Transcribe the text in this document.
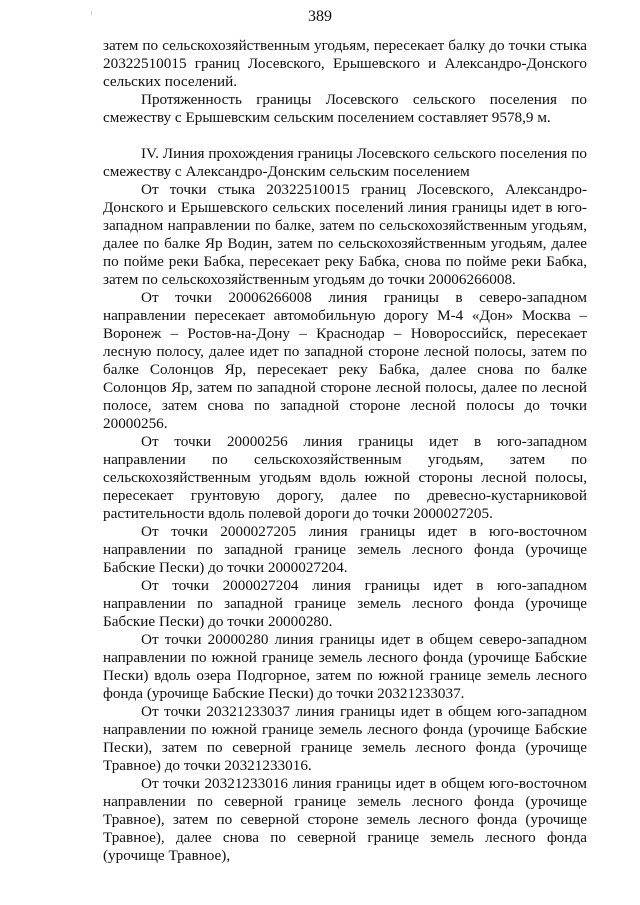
389

затем по сельскохозяйственным угодьям, пересекает балку до точки стыка 20322510015 границ Лосевского, Ерышевского и Александро-Донского сельских поселений.

Протяженность границы Лосевского сельского поселения по смежеству с Ерышевским сельским поселением составляет 9578,9 м.

IV. Линия прохождения границы Лосевского сельского поселения по смежеству с Александро-Донским сельским поселением

От точки стыка 20322510015 границ Лосевского, Александро-Донского и Ерышевского сельских поселений линия границы идет в юго-западном направлении по балке, затем по сельскохозяйственным угодьям, далее по балке Яр Водин, затем по сельскохозяйственным угодьям, далее по пойме реки Бабка, пересекает реку Бабка, снова по пойме реки Бабка, затем по сельскохозяйственным угодьям до точки 20006266008.

От точки 20006266008 линия границы в северо-западном направлении пересекает автомобильную дорогу М-4 «Дон» Москва – Воронеж – Ростов-на-Дону – Краснодар – Новороссийск, пересекает лесную полосу, далее идет по западной стороне лесной полосы, затем по балке Солонцов Яр, пересекает реку Бабка, далее снова по балке Солонцов Яр, затем по западной стороне лесной полосы, далее по лесной полосе, затем снова по западной стороне лесной полосы до точки 20000256.

От точки 20000256 линия границы идет в юго-западном направлении по сельскохозяйственным угодьям, затем по сельскохозяйственным угодьям вдоль южной стороны лесной полосы, пересекает грунтовую дорогу, далее по древесно-кустарниковой растительности вдоль полевой дороги до точки 2000027205.

От точки 2000027205 линия границы идет в юго-восточном направлении по западной границе земель лесного фонда (урочище Бабские Пески) до точки 2000027204.

От точки 2000027204 линия границы идет в юго-западном направлении по западной границе земель лесного фонда (урочище Бабские Пески) до точки 20000280.

От точки 20000280 линия границы идет в общем северо-западном направлении по южной границе земель лесного фонда (урочище Бабские Пески) вдоль озера Подгорное, затем по южной границе земель лесного фонда (урочище Бабские Пески) до точки 20321233037.

От точки 20321233037 линия границы идет в общем юго-западном направлении по южной границе земель лесного фонда (урочище Бабские Пески), затем по северной границе земель лесного фонда (урочище Травное) до точки 20321233016.

От точки 20321233016 линия границы идет в общем юго-восточном направлении по северной границе земель лесного фонда (урочище Травное), затем по северной стороне земель лесного фонда (урочище Травное), далее снова по северной границе земель лесного фонда (урочище Травное),
